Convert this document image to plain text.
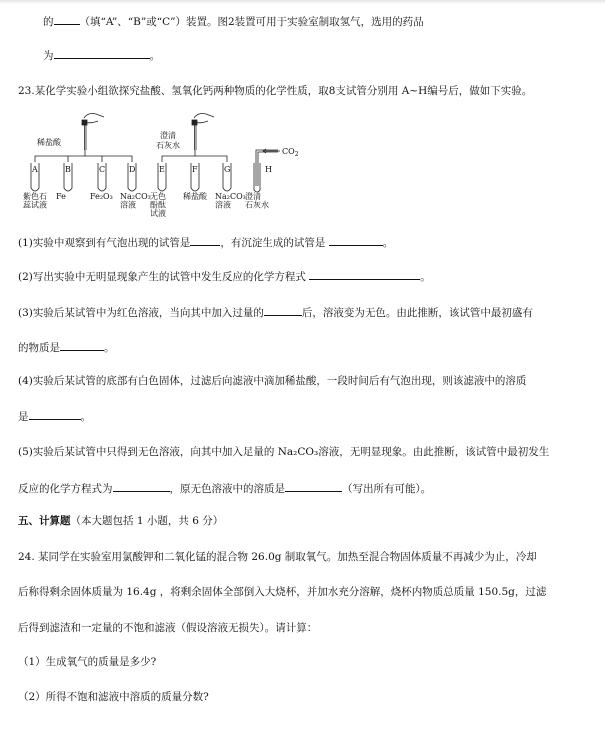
的 （填“A”、“B”或“C”）装置。图2装置可用于实验室制取氢气，选用的药品
为	。
23.某化学实验小组欲探究盐酸、氢氧化钙两种物质的化学性质，取8支试管分别用 A~H编号后，做如下实验。
稀盐酸
澄清
石灰水
$CO_2$
A
紫色石
蕊试液
B
Fe
C
Fe₂O₃
D
Na₂CO₃
溶液
E
无色
酚酞
试液
F
稀盐酸
G
Na₂CO₃
溶液
H
澄清
石灰水
(1)实验中观察到有气泡出现的试管是	，有沉淀生成的试管是	。
(2)写出实验中无明显现象产生的试管中发生反应的化学方程式	。
(3)实验后某试管中为红色溶液，当向其中加入过量的	后，溶液变为无色。由此推断，该试管中最初盛有
的物质是	。
(4)实验后某试管的底部有白色固体，过滤后向滤液中滴加稀盐酸，一段时间后有气泡出现，则该滤液中的溶质
是	。
(5)实验后某试管中只得到无色溶液，向其中加入足量的 Na₂CO₃溶液，无明显现象。由此推断，该试管中最初发生
反应的化学方程式为	，原无色溶液中的溶质是	（写出所有可能）。
五、计算题（本大题包括 1 小题，共 6 分）
24. 某同学在实验室用氯酸钾和二氧化锰的混合物 26.0g 制取氧气。加热至混合物固体质量不再减少为止，冷却
后称得剩余固体质量为 16.4g ，将剩余固体全部倒入大烧杯，并加水充分溶解，烧杯内物质总质量 150.5g，过滤
后得到滤渣和一定量的不饱和滤液（假设溶液无损失）。请计算：
（1）生成氧气的质量是多少?
（2）所得不饱和滤液中溶质的质量分数?
